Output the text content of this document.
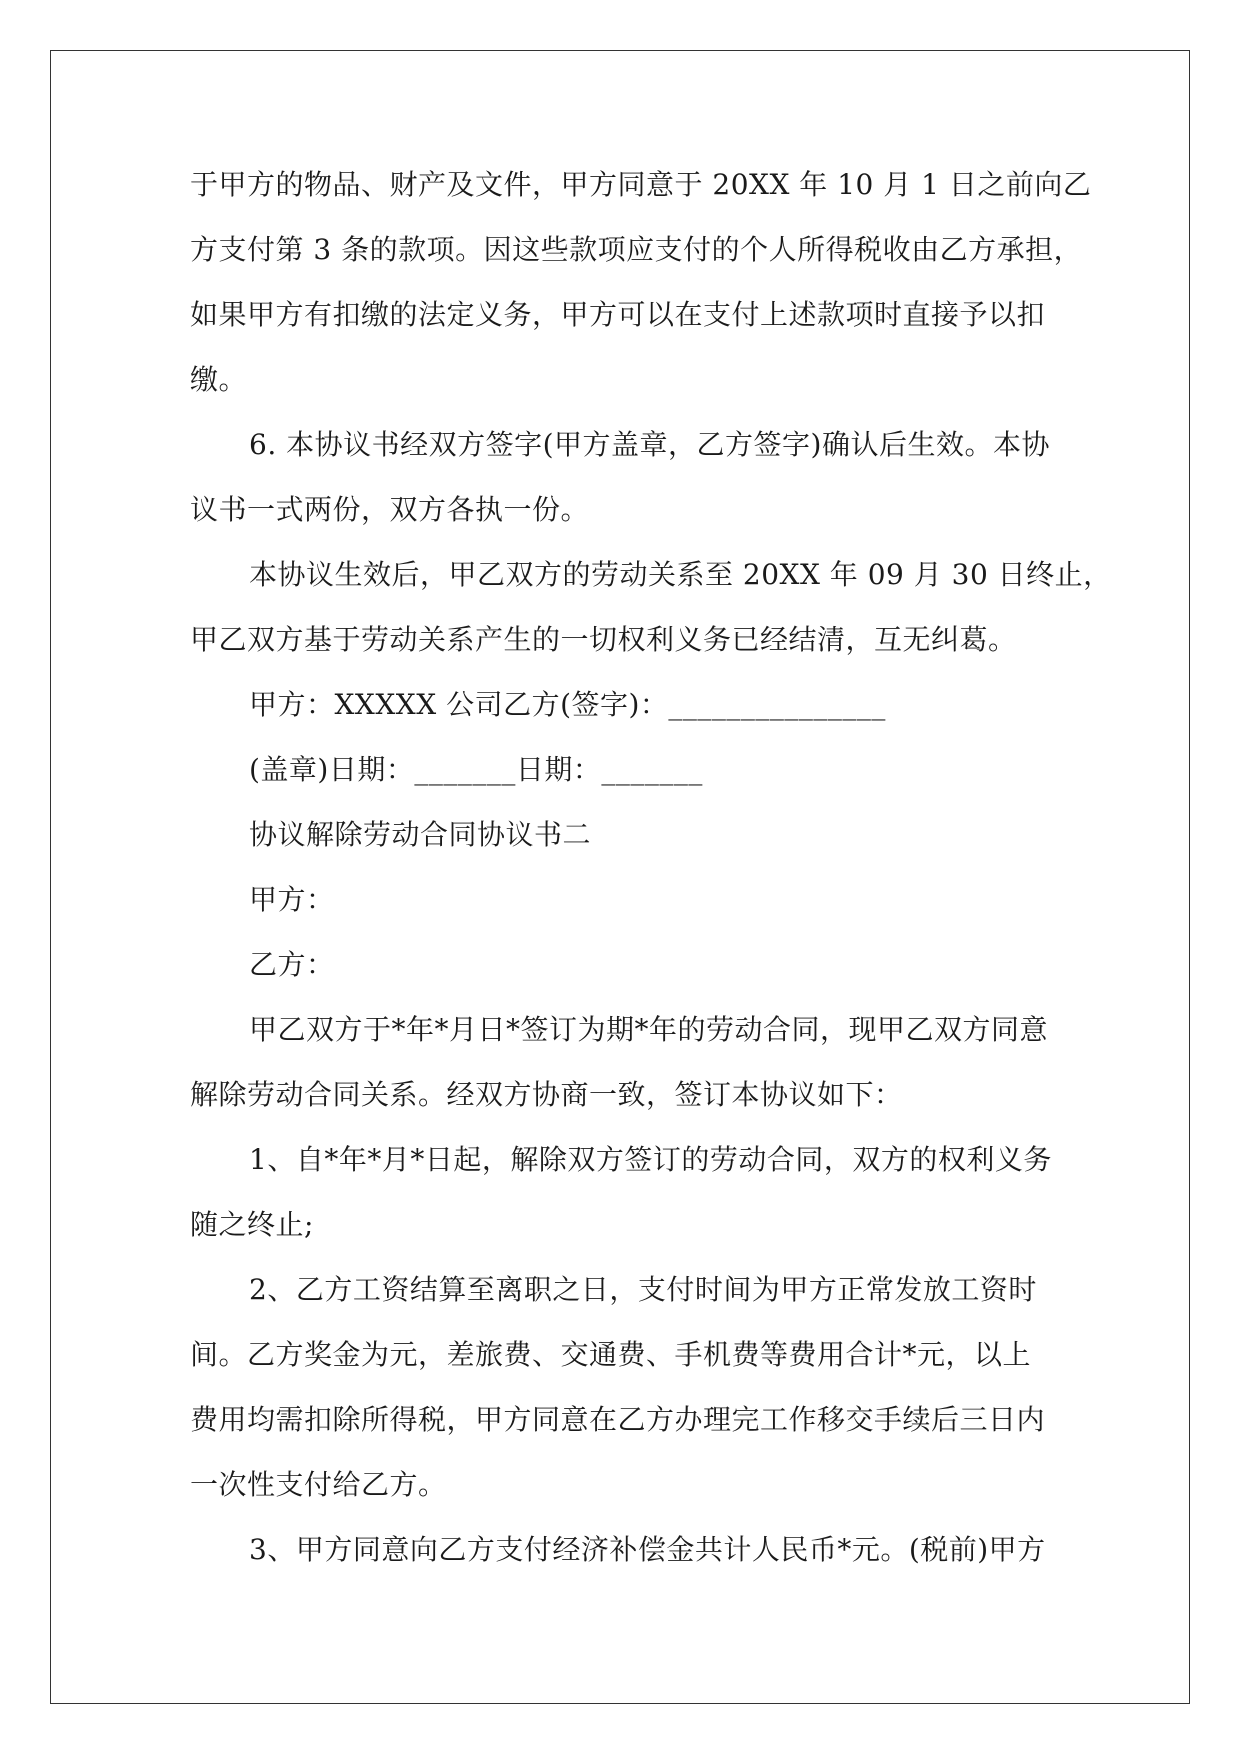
于甲方的物品、财产及文件，甲方同意于 20XX 年 10 月 1 日之前向乙
方支付第 3 条的款项。因这些款项应支付的个人所得税收由乙方承担，
如果甲方有扣缴的法定义务，甲方可以在支付上述款项时直接予以扣
缴。
6. 本协议书经双方签字(甲方盖章，乙方签字)确认后生效。本协
议书一式两份，双方各执一份。
本协议生效后，甲乙双方的劳动关系至 20XX 年 09 月 30 日终止，
甲乙双方基于劳动关系产生的一切权利义务已经结清，互无纠葛。
甲方：XXXXX 公司乙方(签字)：_______________
(盖章)日期：_______日期：_______
协议解除劳动合同协议书二
甲方：
乙方：
甲乙双方于*年*月日*签订为期*年的劳动合同，现甲乙双方同意
解除劳动合同关系。经双方协商一致，签订本协议如下：
1、自*年*月*日起，解除双方签订的劳动合同，双方的权利义务
随之终止;
2、乙方工资结算至离职之日，支付时间为甲方正常发放工资时
间。乙方奖金为元，差旅费、交通费、手机费等费用合计*元，以上
费用均需扣除所得税，甲方同意在乙方办理完工作移交手续后三日内
一次性支付给乙方。
3、甲方同意向乙方支付经济补偿金共计人民币*元。(税前)甲方
